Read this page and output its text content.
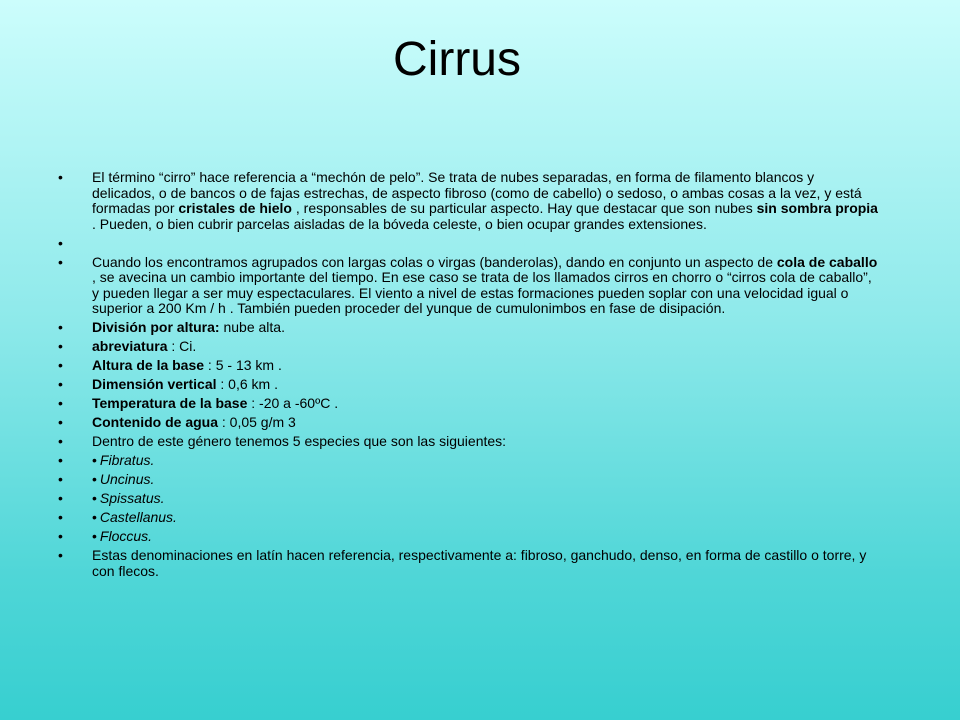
Cirrus
• El término “cirro” hace referencia a “mechón de pelo”. Se trata de nubes separadas, en forma de filamento blancos y delicados, o de bancos o de fajas estrechas, de aspecto fibroso (como de cabello) o sedoso, o ambas cosas a la vez, y está formadas por cristales de hielo , responsables de su particular aspecto. Hay que destacar que son nubes sin sombra propia . Pueden, o bien cubrir parcelas aisladas de la bóveda celeste, o bien ocupar grandes extensiones.
•
• Cuando los encontramos agrupados con largas colas o virgas (banderolas), dando en conjunto un aspecto de cola de caballo , se avecina un cambio importante del tiempo. En ese caso se trata de los llamados cirros en chorro o “cirros cola de caballo”, y pueden llegar a ser muy espectaculares. El viento a nivel de estas formaciones pueden soplar con una velocidad igual o superior a 200 Km / h . También pueden proceder del yunque de cumulonimbos en fase de disipación.
• División por altura: nube alta.
• abreviatura : Ci.
• Altura de la base : 5 - 13 km .
• Dimensión vertical : 0,6 km .
• Temperatura de la base : -20 a -60ºC .
• Contenido de agua : 0,05 g/m 3
• Dentro de este género tenemos 5 especies que son las siguientes:
• • Fibratus.
• • Uncinus.
• • Spissatus.
• • Castellanus.
• • Floccus.
• Estas denominaciones en latín hacen referencia, respectivamente a: fibroso, ganchudo, denso, en forma de castillo o torre, y con flecos.
